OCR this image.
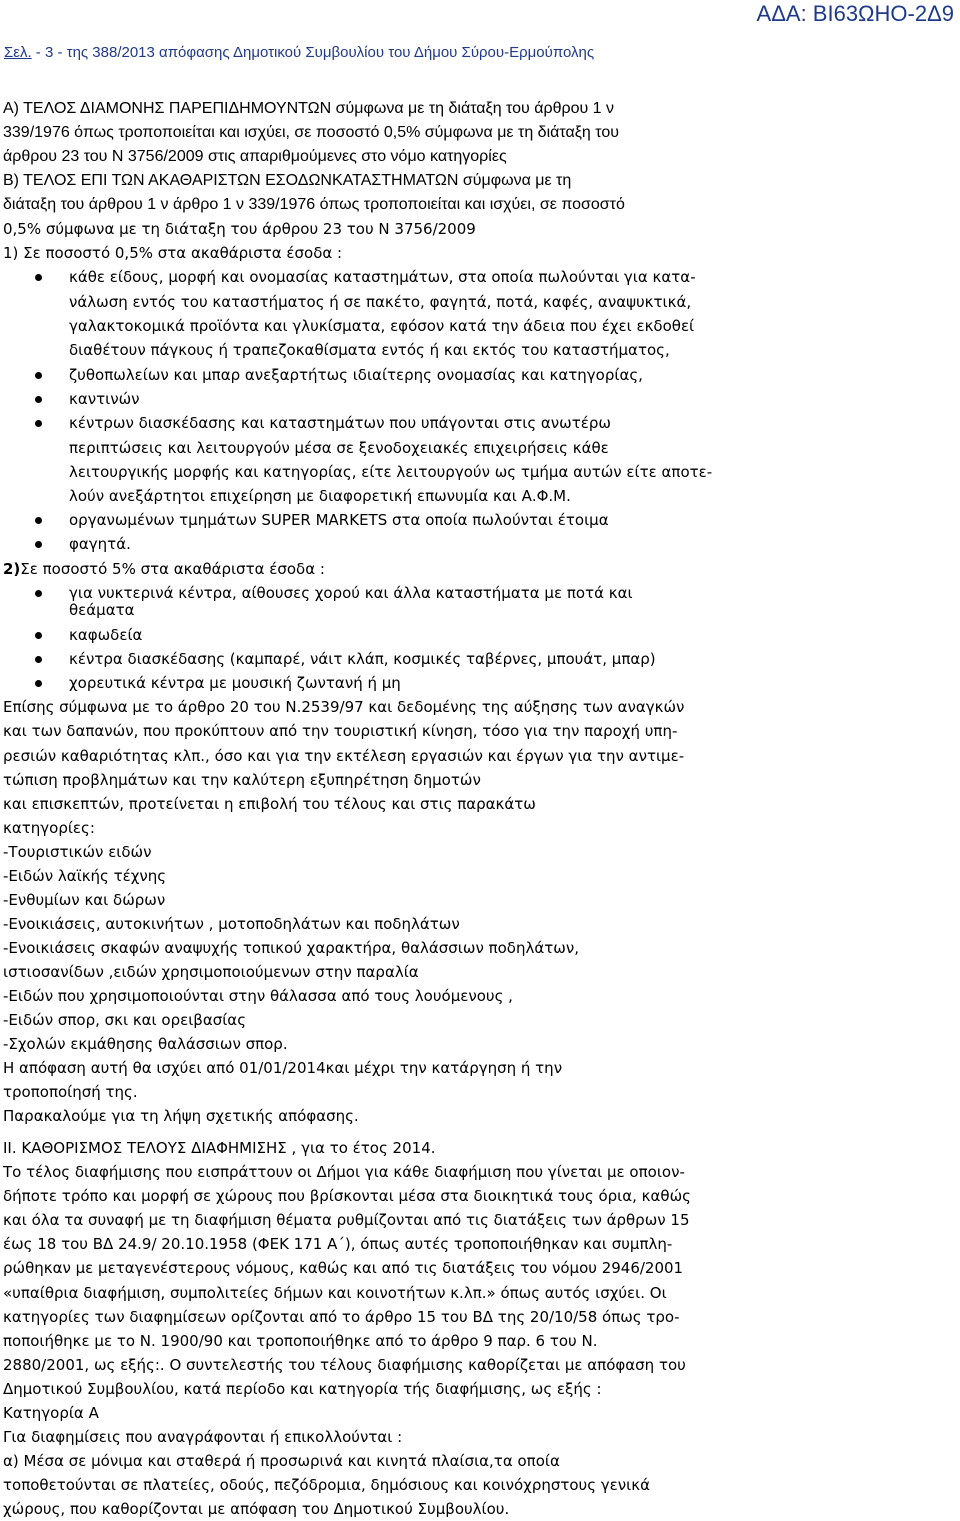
ΑΔΑ: ΒΙ63ΩΗΟ-2Δ9
Σελ. - 3 - της 388/2013 απόφασης Δημοτικού Συμβουλίου του Δήμου Σύρου-Ερμούπολης
Α) ΤΕΛΟΣ ΔΙΑΜΟΝΗΣ ΠΑΡΕΠΙΔΗΜΟΥΝΤΩΝ σύμφωνα με τη διάταξη του άρθρου 1 ν
339/1976 όπως τροποποιείται και ισχύει, σε ποσοστό 0,5% σύμφωνα με τη διάταξη του
άρθρου 23 του Ν 3756/2009 στις απαριθμούμενες στο νόμο κατηγορίες
Β) ΤΕΛΟΣ ΕΠΙ ΤΩΝ ΑΚΑΘΑΡΙΣΤΩΝ ΕΣΟΔΩΝΚΑΤΑΣΤΗΜΑΤΩΝ σύμφωνα με τη
διάταξη του άρθρου 1 ν άρθρο 1 ν 339/1976 όπως τροποποιείται και ισχύει, σε ποσοστό
0,5% σύμφωνα με τη διάταξη του άρθρου 23 του Ν 3756/2009
1) Σε ποσοστό 0,5% στα ακαθάριστα έσοδα :
κάθε είδους, μορφή και ονομασίας καταστημάτων, στα οποία πωλούνται για κατα-
νάλωση εντός του καταστήματος ή σε πακέτο, φαγητά, ποτά, καφές, αναψυκτικά,
γαλακτοκομικά προϊόντα και γλυκίσματα, εφόσον κατά την άδεια που έχει εκδοθεί
διαθέτουν πάγκους ή τραπεζοκαθίσματα εντός ή και εκτός του καταστήματος,
ζυθοπωλείων και μπαρ ανεξαρτήτως ιδιαίτερης ονομασίας και κατηγορίας,
καντινών
κέντρων διασκέδασης και καταστημάτων που υπάγονται στις ανωτέρω
περιπτώσεις και λειτουργούν μέσα σε ξενοδοχειακές επιχειρήσεις κάθε
λειτουργικής μορφής και κατηγορίας, είτε λειτουργούν ως τμήμα αυτών είτε αποτε-
λούν ανεξάρτητοι επιχείρηση με διαφορετική επωνυμία και Α.Φ.Μ.
οργανωμένων τμημάτων SUPER MARKETS στα οποία πωλούνται έτοιμα
φαγητά.
2)Σε ποσοστό 5% στα ακαθάριστα έσοδα :
για νυκτερινά κέντρα, αίθουσες χορού και άλλα καταστήματα με ποτά και
θεάματα
καφωδεία
κέντρα διασκέδασης (καμπαρέ, νάιτ κλάπ, κοσμικές ταβέρνες, μπουάτ, μπαρ)
χορευτικά κέντρα με μουσική ζωντανή ή μη
Επίσης σύμφωνα με το άρθρο 20 του Ν.2539/97 και δεδομένης της αύξησης των αναγκών
και των δαπανών, που προκύπτουν από την τουριστική κίνηση, τόσο για την παροχή υπη-
ρεσιών καθαριότητας κλπ., όσο και για την εκτέλεση εργασιών και έργων για την αντιμε-
τώπιση προβλημάτων και την καλύτερη εξυπηρέτηση δημοτών
και επισκεπτών, προτείνεται η επιβολή του τέλους και στις παρακάτω
κατηγορίες:
-Τουριστικών ειδών
-Ειδών λαϊκής τέχνης
-Ενθυμίων και δώρων
-Ενοικιάσεις, αυτοκινήτων , μοτοποδηλάτων και ποδηλάτων
-Ενοικιάσεις σκαφών αναψυχής τοπικού χαρακτήρα, θαλάσσιων ποδηλάτων,
ιστιοσανίδων ,ειδών χρησιμοποιούμενων στην παραλία
-Ειδών που χρησιμοποιούνται στην θάλασσα από τους λουόμενους ,
-Ειδών σπορ, σκι και ορειβασίας
-Σχολών εκμάθησης θαλάσσιων σπορ.
Η απόφαση αυτή θα ισχύει από 01/01/2014και μέχρι την κατάργηση ή την
τροποποίησή της.
Παρακαλούμε για τη λήψη σχετικής απόφασης.
ΙΙ. ΚΑΘΟΡΙΣΜΟΣ ΤΕΛΟΥΣ ΔΙΑΦΗΜΙΣΗΣ , για το έτος 2014.
Το τέλος διαφήμισης που εισπράττουν οι Δήμοι για κάθε διαφήμιση που γίνεται με οποιον-
δήποτε τρόπο και μορφή σε χώρους που βρίσκονται μέσα στα διοικητικά τους όρια, καθώς
και όλα τα συναφή με τη διαφήμιση θέματα ρυθμίζονται από τις διατάξεις των άρθρων 15
έως 18 του ΒΔ 24.9/ 20.10.1958 (ΦΕΚ 171 Α΄), όπως αυτές τροποποιήθηκαν και συμπλη-
ρώθηκαν με μεταγενέστερους νόμους, καθώς και από τις διατάξεις του νόμου 2946/2001
«υπαίθρια διαφήμιση, συμπολιτείες δήμων και κοινοτήτων κ.λπ.» όπως αυτός ισχύει. Οι
κατηγορίες των διαφημίσεων ορίζονται από το άρθρο 15 του ΒΔ της 20/10/58 όπως τρο-
ποποιήθηκε με το Ν. 1900/90 και τροποποιήθηκε από το άρθρο 9 παρ. 6 του Ν.
2880/2001, ως εξής:. Ο συντελεστής του τέλους διαφήμισης καθορίζεται με απόφαση του
Δημοτικού Συμβουλίου, κατά περίοδο και κατηγορία τής διαφήμισης, ως εξής :
Κατηγορία Α
Για διαφημίσεις που αναγράφονται ή επικολλούνται :
α) Μέσα σε μόνιμα και σταθερά ή προσωρινά και κινητά πλαίσια,τα οποία
τοποθετούνται σε πλατείες, οδούς, πεζόδρομια, δημόσιους και κοινόχρηστους γενικά
χώρους, που καθορίζονται με απόφαση του Δημοτικού Συμβουλίου.
